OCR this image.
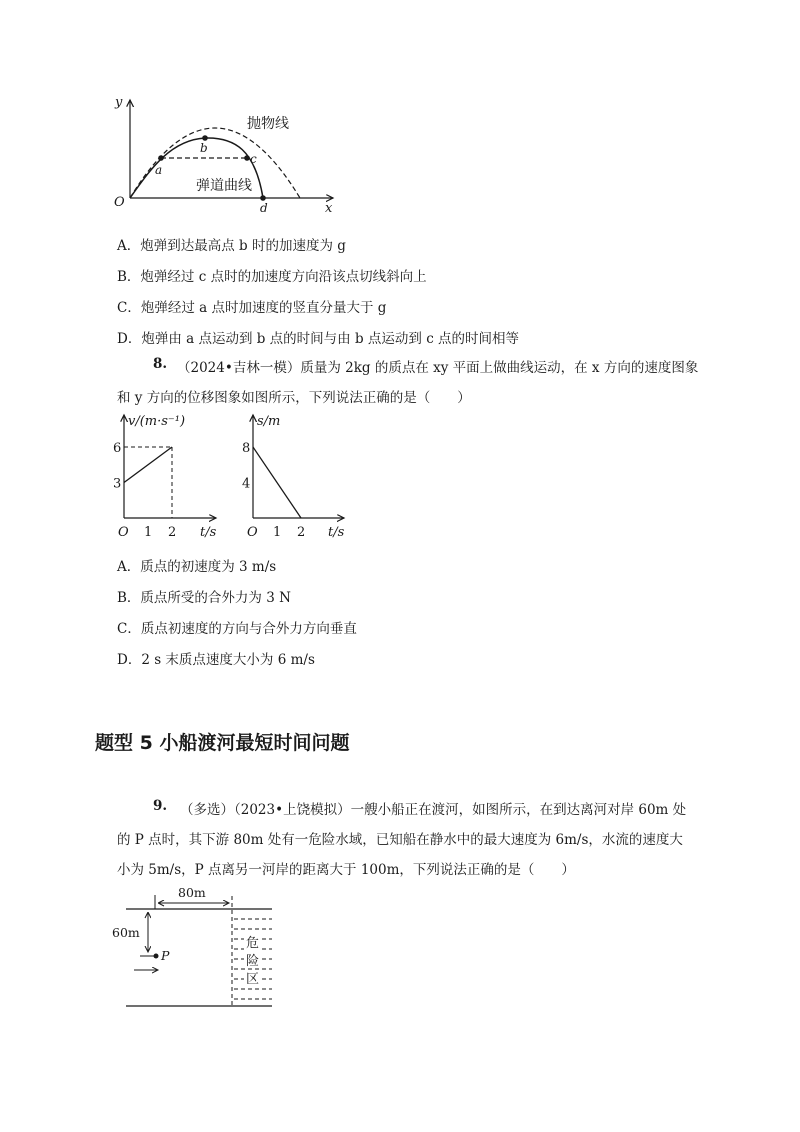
y
x
O
抛物线
弹道曲线
a
b
c
d
A．炮弹到达最高点 b 时的加速度为 g
B．炮弹经过 c 点时的加速度方向沿该点切线斜向上
C．炮弹经过 a 点时加速度的竖直分量大于 g
D．炮弹由 a 点运动到 b 点的时间与由 b 点运动到 c 点的时间相等
8. （2024•吉林一模）质量为 2kg 的质点在 xy 平面上做曲线运动，在 x 方向的速度图象
和 y 方向的位移图象如图所示，下列说法正确的是（　　）
O 1 2
3
6
t/s
v/(m·s⁻¹)
O 1 2
4
8
t/s
s/m
A．质点的初速度为 3 m/s
B．质点所受的合外力为 3 N
C．质点初速度的方向与合外力方向垂直
D．2 s 末质点速度大小为 6 m/s
题型 5 小船渡河最短时间问题
9. （多选）（2023•上饶模拟）一艘小船正在渡河，如图所示，在到达离河对岸 60m 处
的 P 点时，其下游 80m 处有一危险水域，已知船在静水中的最大速度为 6m/s，水流的速度大
小为 5m/s，P 点离另一河岸的距离大于 100m，下列说法正确的是（　　）
80m
60m
P
危
险
区
